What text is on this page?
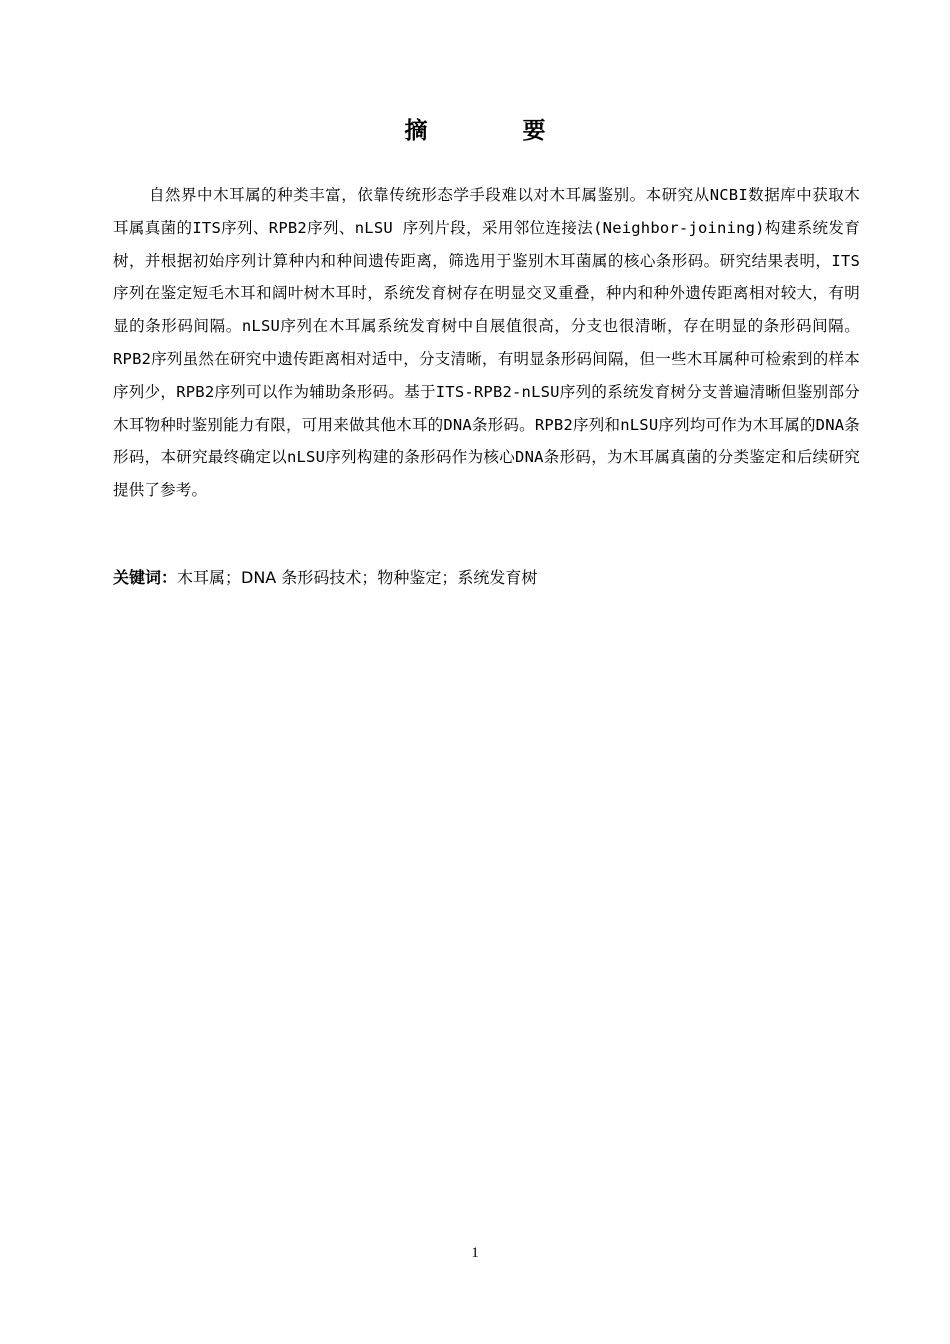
摘　要

自然界中木耳属的种类丰富，依靠传统形态学手段难以对木耳属鉴别。本研究从NCBI数据库中获取木耳属真菌的ITS序列、RPB2序列、nLSU 序列片段，采用邻位连接法(Neighbor-joining)构建系统发育树，并根据初始序列计算种内和种间遗传距离，筛选用于鉴别木耳菌属的核心条形码。研究结果表明，ITS序列在鉴定短毛木耳和阔叶树木耳时，系统发育树存在明显交叉重叠，种内和种外遗传距离相对较大，有明显的条形码间隔。nLSU序列在木耳属系统发育树中自展值很高，分支也很清晰，存在明显的条形码间隔。RPB2序列虽然在研究中遗传距离相对适中，分支清晰，有明显条形码间隔，但一些木耳属种可检索到的样本序列少，RPB2序列可以作为辅助条形码。基于ITS-RPB2-nLSU序列的系统发育树分支普遍清晰但鉴别部分木耳物种时鉴别能力有限，可用来做其他木耳的DNA条形码。RPB2序列和nLSU序列均可作为木耳属的DNA条形码，本研究最终确定以nLSU序列构建的条形码作为核心DNA条形码，为木耳属真菌的分类鉴定和后续研究提供了参考。

关键词：木耳属；DNA 条形码技术；物种鉴定；系统发育树
1
